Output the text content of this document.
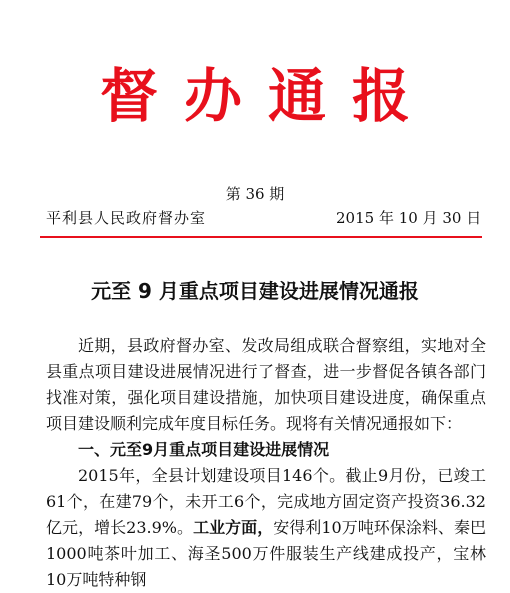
督办通报
第 36 期
平利县人民政府督办室	2015 年 10 月 30 日
元至 9 月重点项目建设进展情况通报

近期，县政府督办室、发改局组成联合督察组，实地对全县重点项目建设进展情况进行了督查，进一步督促各镇各部门找准对策，强化项目建设措施，加快项目建设进度，确保重点项目建设顺利完成年度目标任务。现将有关情况通报如下：

一、元至9月重点项目建设进展情况

2015年，全县计划建设项目146个。截止9月份，已竣工61个，在建79个，未开工6个，完成地方固定资产投资36.32亿元，增长23.9%。工业方面，安得利10万吨环保涂料、秦巴1000吨茶叶加工、海圣500万件服装生产线建成投产，宝林10万吨特种钢
